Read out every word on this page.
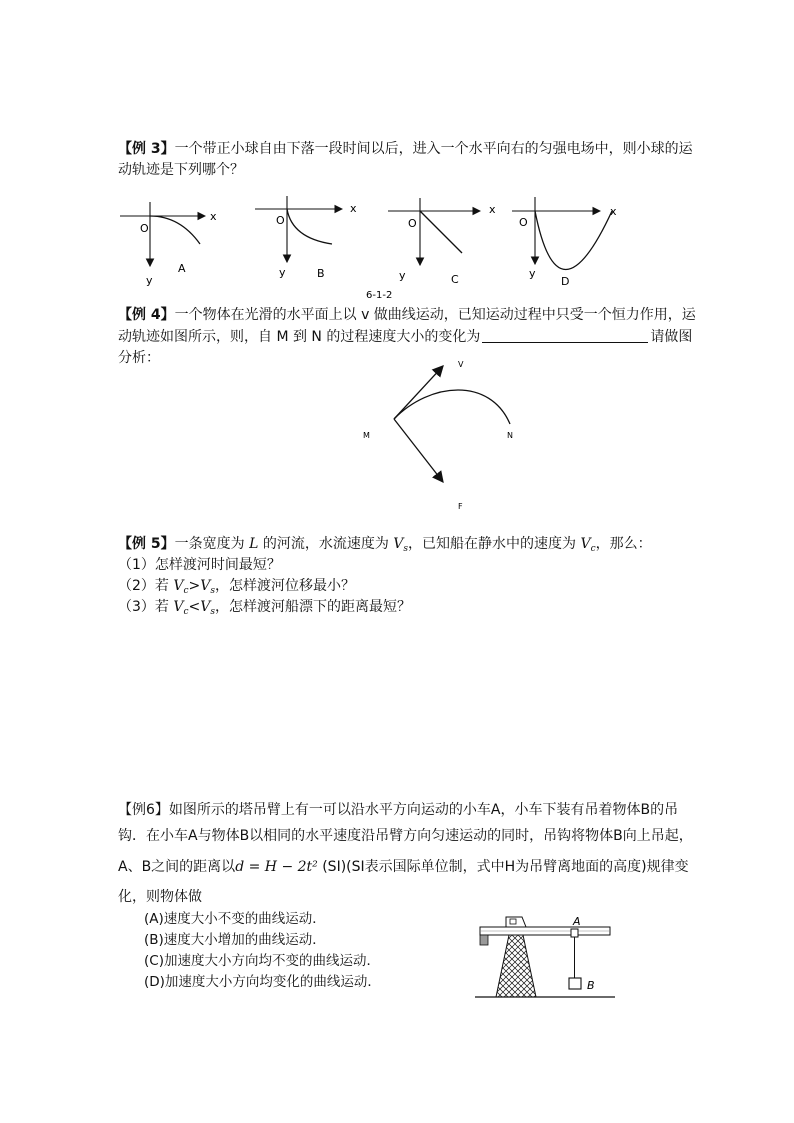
【例 3】一个带正小球自由下落一段时间以后，进入一个水平向右的匀强电场中，则小球的运
动轨迹是下列哪个？
O
x
y
A
O
x
y	B
O
x
y	C
O
x
y
D
6-1-2
【例 4】一个物体在光滑的水平面上以 v 做曲线运动，已知运动过程中只受一个恒力作用，运
动轨迹如图所示，则，自 M 到 N 的过程速度大小的变化为	请做图
分析：	V
M	N
F
【例 5】一条宽度为 L 的河流，水流速度为 $V_s$，已知船在静水中的速度为 $V_c$，那么：
（1）怎样渡河时间最短？
（2）若 $V_c>V_s$，怎样渡河位移最小？
（3）若 $V_c<V_s$，怎样渡河船漂下的距离最短？
【例6】如图所示的塔吊臂上有一可以沿水平方向运动的小车A，小车下装有吊着物体B的吊
钩．在小车A与物体B以相同的水平速度沿吊臂方向匀速运动的同时，吊钩将物体B向上吊起，
A、B之间的距离以d = H − 2t² (SI)(SI表示国际单位制，式中H为吊臂离地面的高度)规律变
化，则物体做
(A)速度大小不变的曲线运动．
(B)速度大小增加的曲线运动．
(C)加速度大小方向均不变的曲线运动．
(D)加速度大小方向均变化的曲线运动．
A
B
